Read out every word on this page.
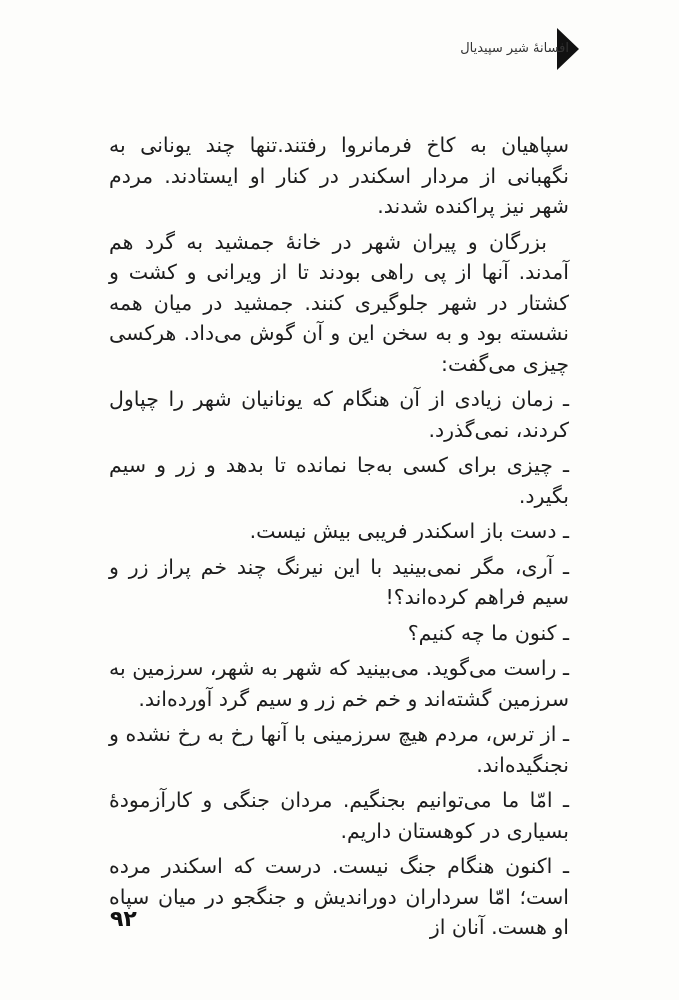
افسانهٔ شیر سپیدیال

سپاهیان به کاخ فرمانروا رفتند.تنها چند یونانی به نگهبانی از مردار اسکندر در کنار او ایستادند. مردم شهر نیز پراکنده شدند.

بزرگان و پیران شهر در خانهٔ جمشید به گرد هم آمدند. آنها از پی راهی بودند تا از ویرانی و کشت و کشتار در شهر جلوگیری کنند. جمشید در میان همه نشسته بود و به سخن این و آن گوش می‌داد. هرکسی چیزی می‌گفت:

ـ زمان زیادی از آن هنگام که یونانیان شهر را چپاول کردند، نمی‌گذرد.

ـ چیزی برای کسی به‌جا نمانده تا بدهد و زر و سیم بگیرد.

ـ دست باز اسکندر فریبی بیش نیست.

ـ آری، مگر نمی‌بینید با این نیرنگ چند خم پراز زر و سیم فراهم کرده‌اند؟!

ـ کنون ما چه کنیم؟

ـ راست می‌گوید. می‌بینید که شهر به شهر، سرزمین به سرزمین گشته‌اند و خم خم زر و سیم گرد آورده‌اند.

ـ از ترس، مردم هیچ سرزمینی با آنها رخ به رخ نشده و نجنگیده‌اند.

ـ امّا ما می‌توانیم بجنگیم. مردان جنگی و کارآزمودهٔ بسیاری در کوهستان داریم.

ـ اکنون هنگام جنگ نیست. درست که اسکندر مرده است؛ امّا سرداران دوراندیش و جنگجو در میان سپاه او هست. آنان از

۹۲
